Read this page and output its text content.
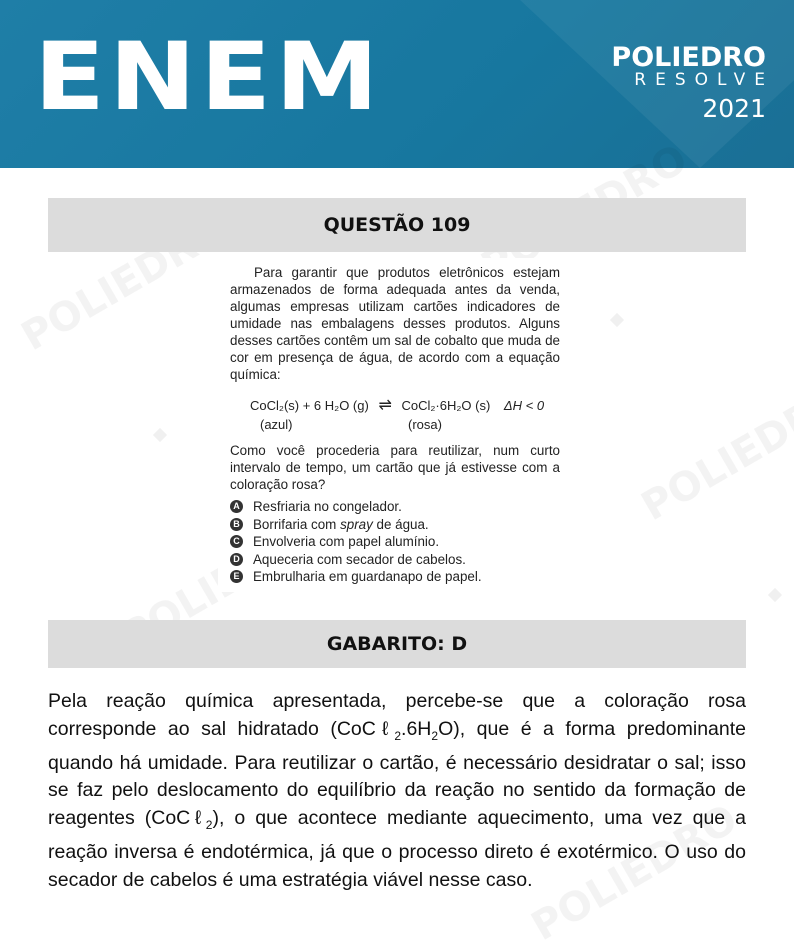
ENEM	POLIEDRO
RESOLVE
2021
QUESTÃO 109
Para garantir que produtos eletrônicos estejam armazenados de forma adequada antes da venda, algumas empresas utilizam cartões indicadores de umidade nas embalagens desses produtos. Alguns desses cartões contêm um sal de cobalto que muda de cor em presença de água, de acordo com a equação química:
CoCl₂(s) + 6 H₂O (g) ⇌ CoCl₂·6H₂O (s) ΔH < 0
(azul)	(rosa)
Como você procederia para reutilizar, num curto intervalo de tempo, um cartão que já estivesse com a coloração rosa?
A Resfriaria no congelador.
B Borrifaria com spray de água.
C Envolveria com papel alumínio.
D Aqueceria com secador de cabelos.
E Embrulharia em guardanapo de papel.
GABARITO: D
Pela reação química apresentada, percebe-se que a coloração rosa corresponde ao sal hidratado $(CoC\ell_2.6H_2O)$, que é a forma predominante quando há umidade. Para reutilizar o cartão, é necessário desidratar o sal; isso se faz pelo deslocamento do equilíbrio da reação no sentido da formação de reagentes (CoCℓ$_2$), o que acontece mediante aquecimento, uma vez que a reação inversa é endotérmica, já que o processo direto é exotérmico. O uso do secador de cabelos é uma estratégia viável nesse caso.
